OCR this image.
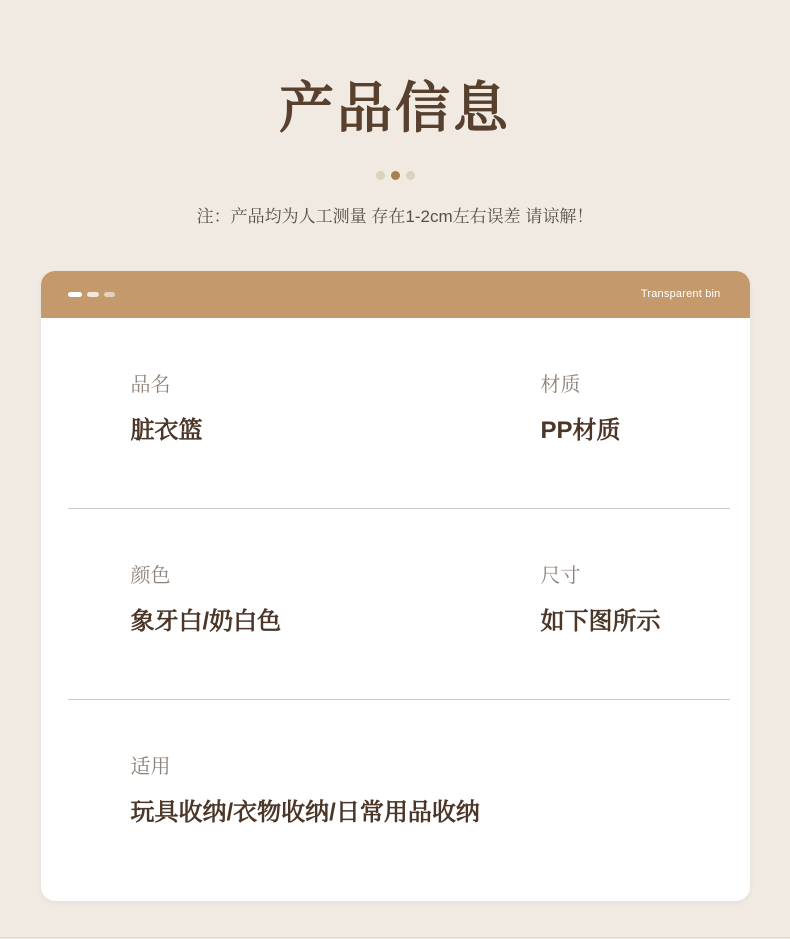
产品信息

注：产品均为人工测量 存在1-2cm左右误差 请谅解！

Transparent bin

品名

脏衣篮

材质

PP材质

颜色

象牙白/奶白色

尺寸

如下图所示

适用

玩具收纳/衣物收纳/日常用品收纳
